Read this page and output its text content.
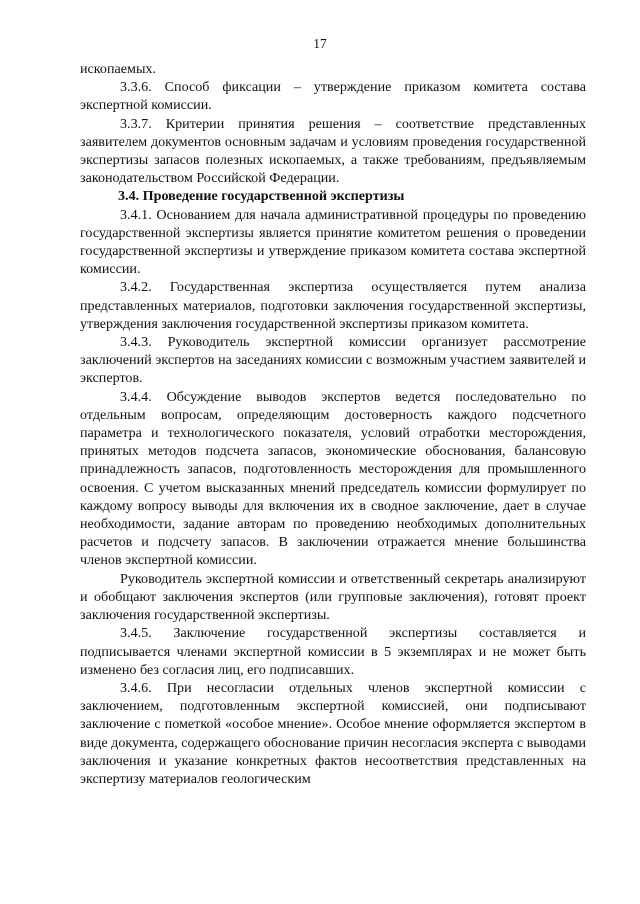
17

ископаемых.

3.3.6. Способ фиксации – утверждение приказом комитета состава экспертной комиссии.

3.3.7. Критерии принятия решения – соответствие представленных заявителем документов основным задачам и условиям проведения государственной экспертизы запасов полезных ископаемых, а также требованиям, предъявляемым законодательством Российской Федерации.

3.4. Проведение государственной экспертизы

3.4.1. Основанием для начала административной процедуры по проведению государственной экспертизы является принятие комитетом решения о проведении государственной экспертизы и утверждение приказом комитета состава экспертной комиссии.

3.4.2. Государственная экспертиза осуществляется путем анализа представленных материалов, подготовки заключения государственной экспертизы, утверждения заключения государственной экспертизы приказом комитета.

3.4.3. Руководитель экспертной комиссии организует рассмотрение заключений экспертов на заседаниях комиссии с возможным участием заявителей и экспертов.

3.4.4. Обсуждение выводов экспертов ведется последовательно по отдельным вопросам, определяющим достоверность каждого подсчетного параметра и технологического показателя, условий отработки месторождения, принятых методов подсчета запасов, экономические обоснования, балансовую принадлежность запасов, подготовленность месторождения для промышленного освоения. С учетом высказанных мнений председатель комиссии формулирует по каждому вопросу выводы для включения их в сводное заключение, дает в случае необходимости, задание авторам по проведению необходимых дополнительных расчетов и подсчету запасов. В заключении отражается мнение большинства членов экспертной комиссии.

Руководитель экспертной комиссии и ответственный секретарь анализируют и обобщают заключения экспертов (или групповые заключения), готовят проект заключения государственной экспертизы.

3.4.5. Заключение государственной экспертизы составляется и подписывается членами экспертной комиссии в 5 экземплярах и не может быть изменено без согласия лиц, его подписавших.

3.4.6. При несогласии отдельных членов экспертной комиссии с заключением, подготовленным экспертной комиссией, они подписывают заключение с пометкой «особое мнение». Особое мнение оформляется экспертом в виде документа, содержащего обоснование причин несогласия эксперта с выводами заключения и указание конкретных фактов несоответствия представленных на экспертизу материалов геологическим
